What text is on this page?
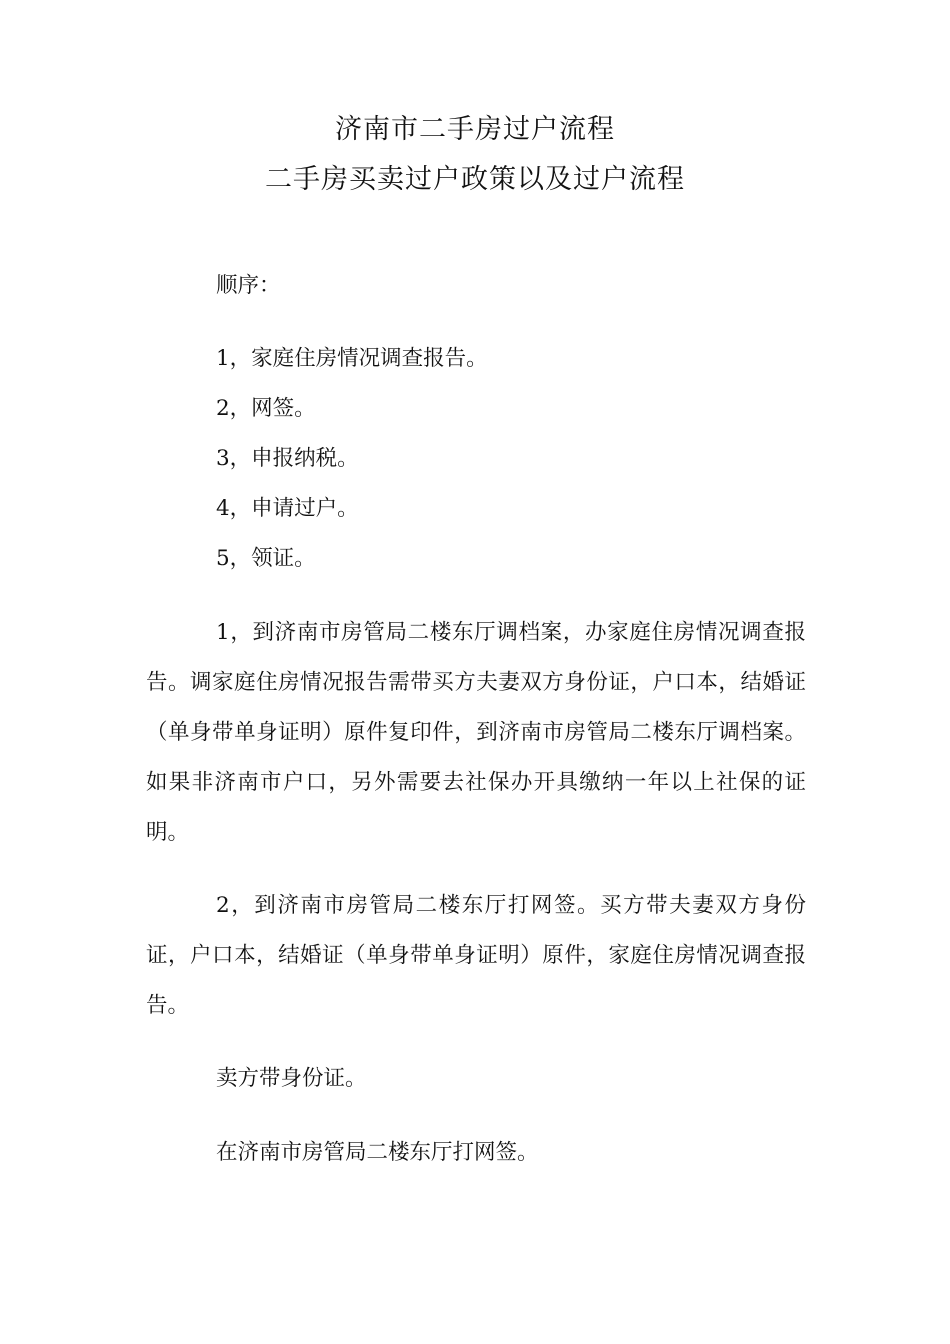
济南市二手房过户流程
二手房买卖过户政策以及过户流程
顺序：
1，家庭住房情况调查报告。
2，网签。
3，申报纳税。
4，申请过户。
5，领证。

1，到济南市房管局二楼东厅调档案，办家庭住房情况调查报告。调家庭住房情况报告需带买方夫妻双方身份证，户口本，结婚证（单身带单身证明）原件复印件，到济南市房管局二楼东厅调档案。如果非济南市户口，另外需要去社保办开具缴纳一年以上社保的证明。

2，到济南市房管局二楼东厅打网签。买方带夫妻双方身份证，户口本，结婚证（单身带单身证明）原件，家庭住房情况调查报告。

卖方带身份证。

在济南市房管局二楼东厅打网签。
